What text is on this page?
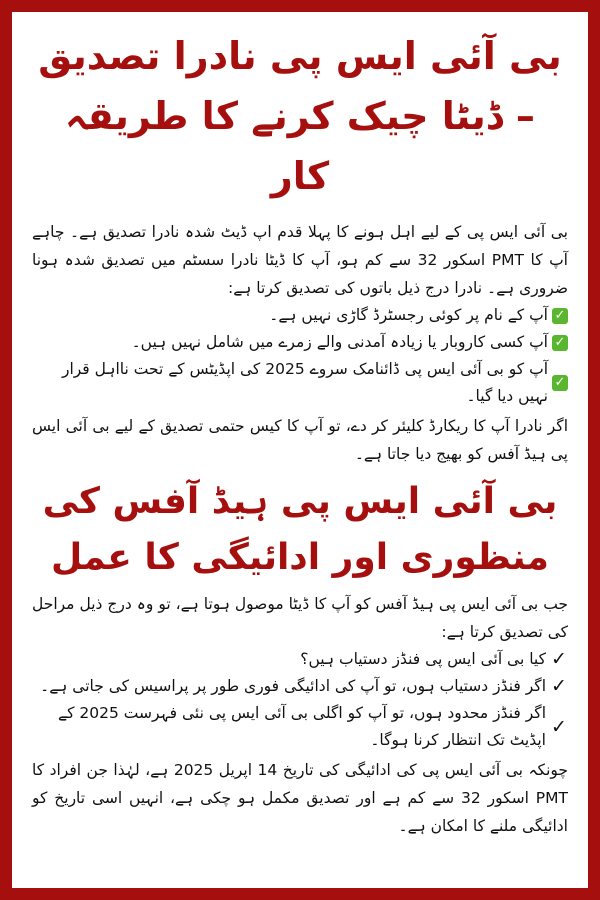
بی آئی ایس پی نادرا تصدیق – ڈیٹا چیک کرنے کا طریقہ کار

بی آئی ایس پی کے لیے اہل ہونے کا پہلا قدم اپ ڈیٹ شدہ نادرا تصدیق ہے۔ چاہے آپ کا PMT اسکور 32 سے کم ہو، آپ کا ڈیٹا نادرا سسٹم میں تصدیق شدہ ہونا ضروری ہے۔ نادرا درج ذیل باتوں کی تصدیق کرتا ہے:

✓
آپ کے نام پر کوئی رجسٹرڈ گاڑی نہیں ہے۔
✓
آپ کسی کاروبار یا زیادہ آمدنی والے زمرے میں شامل نہیں ہیں۔
✓
آپ کو بی آئی ایس پی ڈائنامک سروے 2025 کی اپڈیٹس کے تحت نااہل قرار نہیں دیا گیا۔

اگر نادرا آپ کا ریکارڈ کلیئر کر دے، تو آپ کا کیس حتمی تصدیق کے لیے بی آئی ایس پی ہیڈ آفس کو بھیج دیا جاتا ہے۔

بی آئی ایس پی ہیڈ آفس کی منظوری اور ادائیگی کا عمل

جب بی آئی ایس پی ہیڈ آفس کو آپ کا ڈیٹا موصول ہوتا ہے، تو وہ درج ذیل مراحل کی تصدیق کرتا ہے:

✓
کیا بی آئی ایس پی فنڈز دستیاب ہیں؟
✓
اگر فنڈز دستیاب ہوں، تو آپ کی ادائیگی فوری طور پر پراسیس کی جاتی ہے۔
✓
اگر فنڈز محدود ہوں، تو آپ کو اگلی بی آئی ایس پی نئی فہرست 2025 کے اپڈیٹ تک انتظار کرنا ہوگا۔

چونکہ بی آئی ایس پی کی ادائیگی کی تاریخ 14 اپریل 2025 ہے، لہٰذا جن افراد کا PMT اسکور 32 سے کم ہے اور تصدیق مکمل ہو چکی ہے، انہیں اسی تاریخ کو ادائیگی ملنے کا امکان ہے۔
